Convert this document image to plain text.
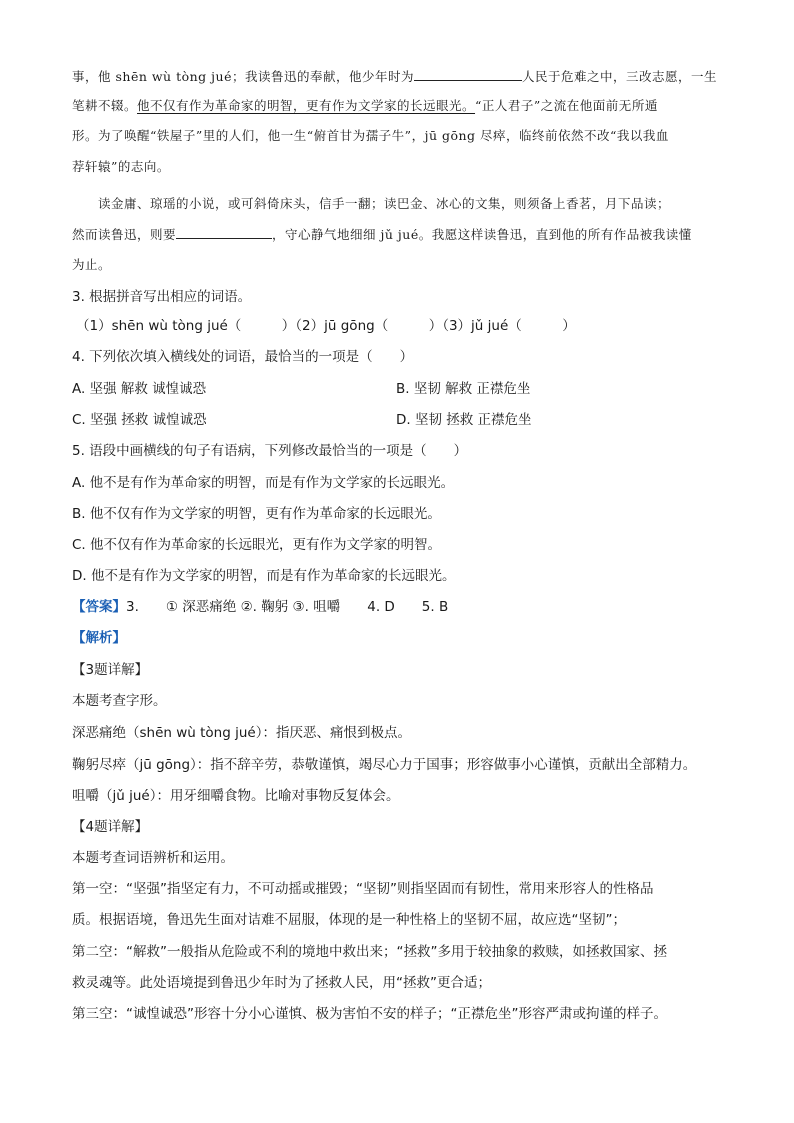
事，他 shēn wù tòng jué；我读鲁迅的奉献，他少年时为	人民于危难之中，三改志愿，一生
笔耕不辍。他不仅有作为革命家的明智，更有作为文学家的长远眼光。“正人君子”之流在他面前无所遁
形。为了唤醒“铁屋子”里的人们，他一生“俯首甘为孺子牛”，jū gōng 尽瘁，临终前依然不改“我以我血
荐轩辕”的志向。
读金庸、琼瑶的小说，或可斜倚床头，信手一翻；读巴金、冰心的文集，则须备上香茗，月下品读；
然而读鲁迅，则要	，守心静气地细细 jǔ jué。我愿这样读鲁迅，直到他的所有作品被我读懂
为止。
3. 根据拼音写出相应的词语。
（1）shēn wù tòng jué（　　　）（2）jū gōng（　　　）（3）jǔ jué（　　　）
4. 下列依次填入横线处的词语，最恰当的一项是（　　）
A. 坚强 解救 诚惶诚恐	B. 坚韧 解救 正襟危坐
C. 坚强 拯救 诚惶诚恐	D. 坚韧 拯救 正襟危坐
5. 语段中画横线的句子有语病，下列修改最恰当的一项是（　　）
A. 他不是有作为革命家的明智，而是有作为文学家的长远眼光。
B. 他不仅有作为文学家的明智，更有作为革命家的长远眼光。
C. 他不仅有作为革命家的长远眼光，更有作为文学家的明智。
D. 他不是有作为文学家的明智，而是有作为革命家的长远眼光。
【答案】3.　　① 深恶痛绝 ②. 鞠躬 ③. 咀嚼　　4. D　　5. B
【解析】
【3题详解】
本题考查字形。
深恶痛绝（shēn wù tòng jué）：指厌恶、痛恨到极点。
鞠躬尽瘁（jū gōng）：指不辞辛劳，恭敬谨慎，竭尽心力于国事；形容做事小心谨慎，贡献出全部精力。
咀嚼（jǔ jué）：用牙细嚼食物。比喻对事物反复体会。
【4题详解】
本题考查词语辨析和运用。
第一空：“坚强”指坚定有力，不可动摇或摧毁；“坚韧”则指坚固而有韧性，常用来形容人的性格品
质。根据语境，鲁迅先生面对诘难不屈服，体现的是一种性格上的坚韧不屈，故应选“坚韧”；
第二空：“解救”一般指从危险或不利的境地中救出来；“拯救”多用于较抽象的救赎，如拯救国家、拯
救灵魂等。此处语境提到鲁迅少年时为了拯救人民，用“拯救”更合适；
第三空：“诚惶诚恐”形容十分小心谨慎、极为害怕不安的样子；“正襟危坐”形容严肃或拘谨的样子。
